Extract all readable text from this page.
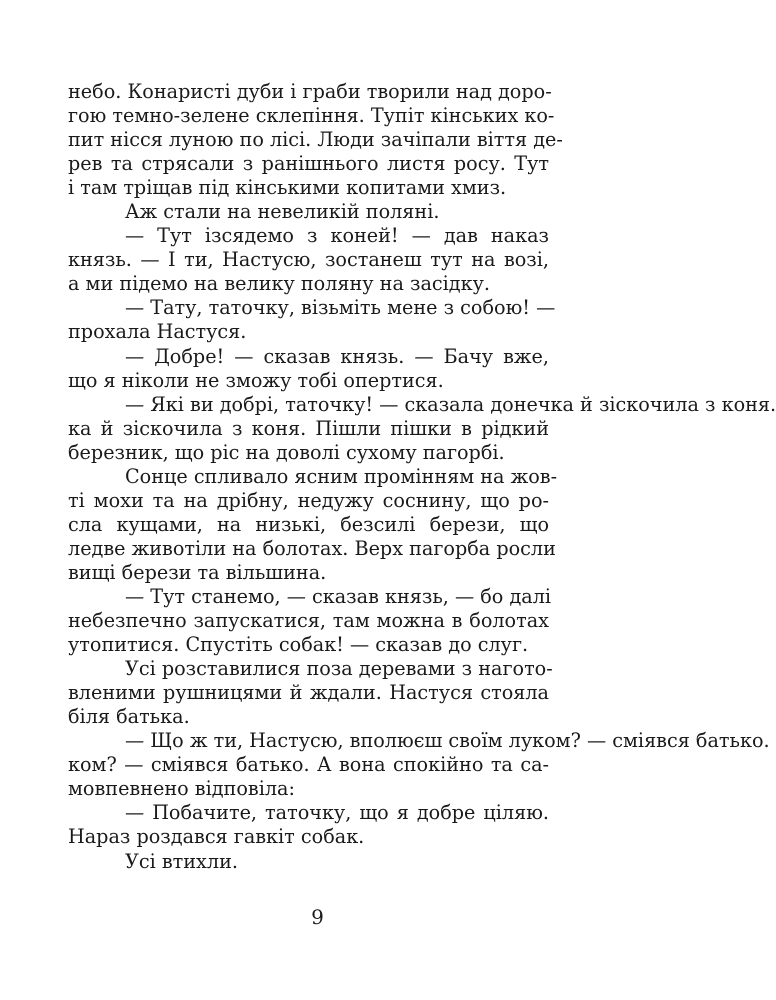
небо. Конаристі дуби і граби творили над доро-
гою темно-зелене склепіння. Тупіт кінських ко-
пит нісся луною по лісі. Люди зачіпали віття де-
рев та стрясали з ранішнього листя росу. Тут
і там тріщав під кінськими копитами хмиз.
Аж стали на невеликій поляні.
— Тут ізсядемо з коней! — дав наказ
князь. — І ти, Настусю, зостанеш тут на возі,
а ми підемо на велику поляну на засідку.
— Тату, таточку, візьміть мене з собою! —
прохала Настуся.
— Добре! — сказав князь. — Бачу вже,
що я ніколи не зможу тобі опертися.
— Які ви добрі, таточку! — сказала донечка й зіскочила з коня.
ка й зіскочила з коня. Пішли пішки в рідкий
березник, що ріс на доволі сухому пагорбі.
Сонце спливало ясним промінням на жов-
ті мохи та на дрібну, недужу соснину, що ро-
сла кущами, на низькі, безсилі берези, що
ледве животіли на болотах. Верх пагорба росли
вищі берези та вільшина.
— Тут станемо, — сказав князь, — бо далі
небезпечно запускатися, там можна в болотах
утопитися. Спустіть собак! — сказав до слуг.
Усі розставилися поза деревами з нагото-
вленими рушницями й ждали. Настуся стояла
біля батька.
— Що ж ти, Настусю, вполюєш своїм луком? — сміявся батько.
ком? — сміявся батько. А вона спокійно та са-
мовпевнено відповіла:
— Побачите, таточку, що я добре ціляю.
Нараз роздався гавкіт собак.
Усі втихли.
9
